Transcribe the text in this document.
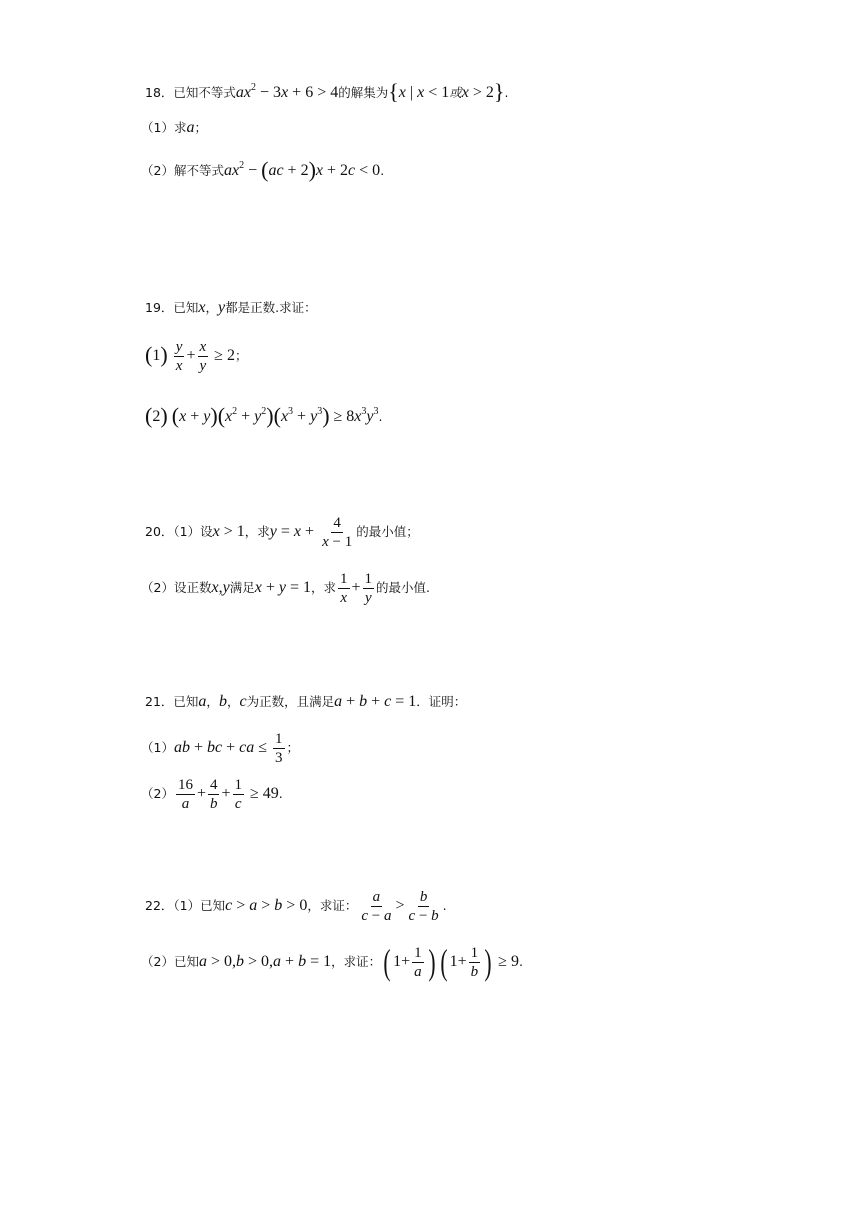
18．已知不等式$ax^2 - 3x + 6 > 4$的解集为{x | x < 1或x > 2}.
（1）求a；
（2）解不等式$ax^2 - (ac + 2)x + 2c < 0$.
19．已知x，y都是正数.求证：
$(1) \frac{y}{x} + \frac{x}{y} \ge 2$；
(2) $(x + y)(x^2 + y^2)(x^3 + y^3) \ge 8x^3y^3$.
20．（1）设x > 1，求$y = x + \frac{4}{x - 1}$ 的最小值；
（2）设正数x,y满足x + y = 1，求 $\frac{1}{x} + \frac{1}{y}$ 的最小值.
21．已知a，b，c为正数，且满足a + b + c = 1．证明：
（1）ab + bc + ca ≤ $\frac{1}{3}$ ；
$(2) \frac{16}{a} + \frac{4}{b} + \frac{1}{c} \ge 49$.
22．（1）已知c > a > b > 0，求证： $\frac{a}{c - a} > \frac{b}{c - b}$ .
（2）已知a > 0,b > 0,a + b = 1，求证：( $1+ \frac{1}{a}$ ) ( $1+ \frac{1}{b}$ ) ≥ 9.
